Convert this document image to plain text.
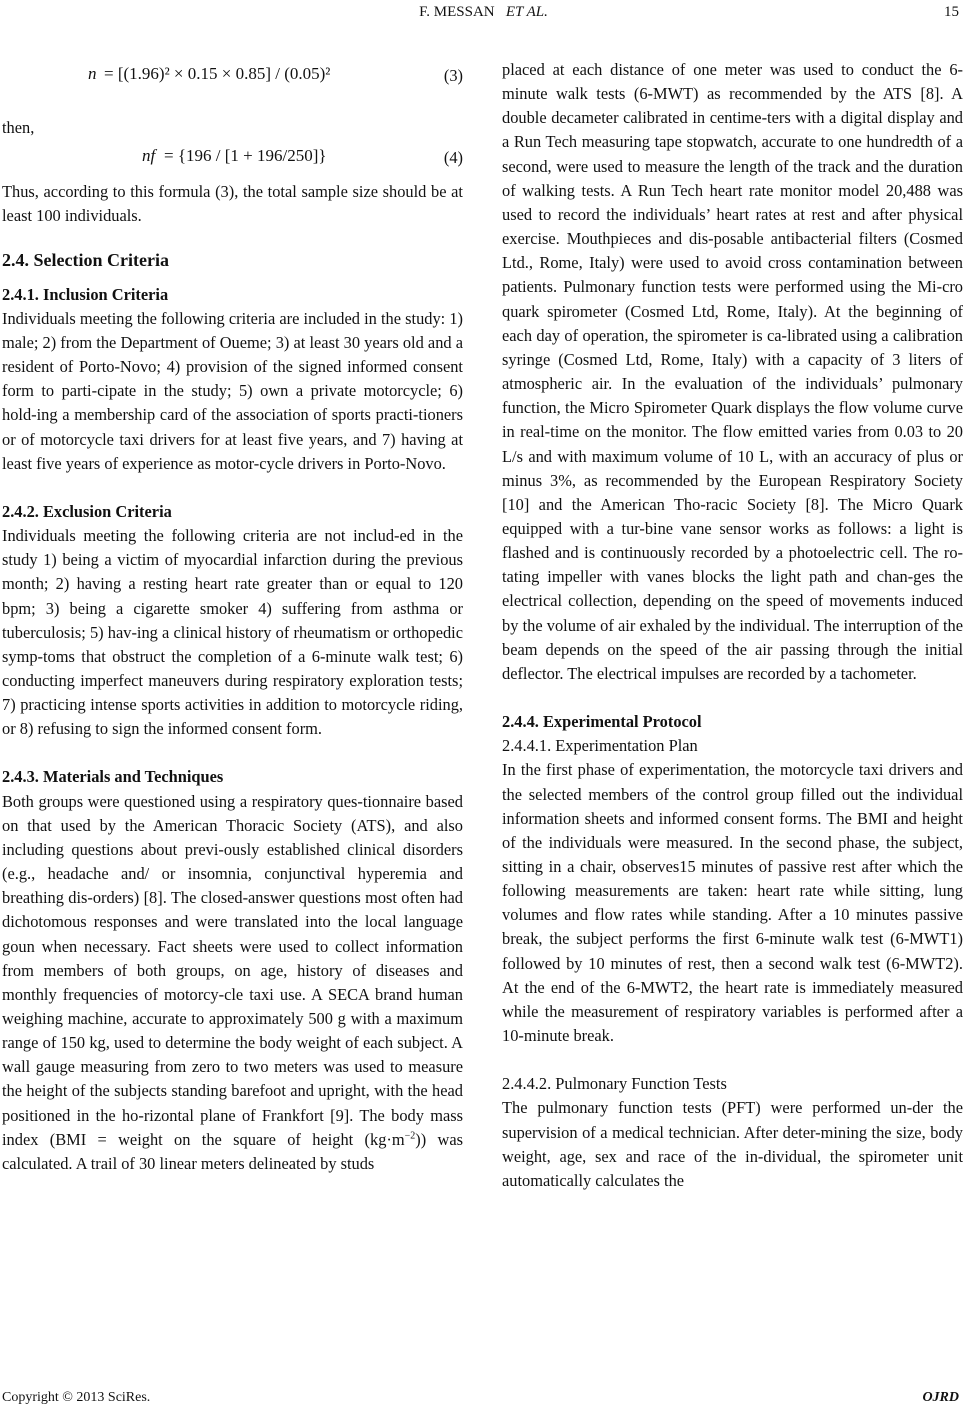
F. MESSAN ET AL.	15
n = [(1.96)² × 0.15 × 0.85] / (0.05)²	(3)

then,

nf = {196 / [1 + 196/250]}	(4)

Thus, according to this formula (3), the total sample size should be at least 100 individuals.

2.4. Selection Criteria

2.4.1. Inclusion Criteria

Individuals meeting the following criteria are included in the study: 1) male; 2) from the Department of Oueme; 3) at least 30 years old and a resident of Porto-Novo; 4) provision of the signed informed consent form to parti-cipate in the study; 5) own a private motorcycle; 6) hold-ing a membership card of the association of sports practi-tioners or of motorcycle taxi drivers for at least five years, and 7) having at least five years of experience as motor-cycle drivers in Porto-Novo.

2.4.2. Exclusion Criteria

Individuals meeting the following criteria are not includ-ed in the study 1) being a victim of myocardial infarction during the previous month; 2) having a resting heart rate greater than or equal to 120 bpm; 3) being a cigarette smoker 4) suffering from asthma or tuberculosis; 5) hav-ing a clinical history of rheumatism or orthopedic symp-toms that obstruct the completion of a 6-minute walk test; 6) conducting imperfect maneuvers during respiratory exploration tests; 7) practicing intense sports activities in addition to motorcycle riding, or 8) refusing to sign the informed consent form.

2.4.3. Materials and Techniques

Both groups were questioned using a respiratory ques-tionnaire based on that used by the American Thoracic Society (ATS), and also including questions about previ-ously established clinical disorders (e.g., headache and/ or insomnia, conjunctival hyperemia and breathing dis-orders) [8]. The closed-answer questions most often had dichotomous responses and were translated into the local language goun when necessary. Fact sheets were used to collect information from members of both groups, on age, history of diseases and monthly frequencies of motorcy-cle taxi use. A SECA brand human weighing machine, accurate to approximately 500 g with a maximum range of 150 kg, used to determine the body weight of each subject. A wall gauge measuring from zero to two meters was used to measure the height of the subjects standing barefoot and upright, with the head positioned in the ho-rizontal plane of Frankfort [9]. The body mass index (BMI = weight on the square of height $(kg\cdot m^{-2})$) was calculated. A trail of 30 linear meters delineated by studs

placed at each distance of one meter was used to conduct the 6-minute walk tests (6-MWT) as recommended by the ATS [8]. A double decameter calibrated in centime-ters with a digital display and a Run Tech measuring tape stopwatch, accurate to one hundredth of a second, were used to measure the length of the track and the duration of walking tests. A Run Tech heart rate monitor model 20,488 was used to record the individuals’ heart rates at rest and after physical exercise. Mouthpieces and dis-posable antibacterial filters (Cosmed Ltd., Rome, Italy) were used to avoid cross contamination between patients. Pulmonary function tests were performed using the Mi-cro quark spirometer (Cosmed Ltd, Rome, Italy). At the beginning of each day of operation, the spirometer is ca-librated using a calibration syringe (Cosmed Ltd, Rome, Italy) with a capacity of 3 liters of atmospheric air. In the evaluation of the individuals’ pulmonary function, the Micro Spirometer Quark displays the flow volume curve in real-time on the monitor. The flow emitted varies from 0.03 to 20 L/s and with maximum volume of 10 L, with an accuracy of plus or minus 3%, as recommended by the European Respiratory Society [10] and the American Tho-racic Society [8]. The Micro Quark equipped with a tur-bine vane sensor works as follows: a light is flashed and is continuously recorded by a photoelectric cell. The ro-tating impeller with vanes blocks the light path and chan-ges the electrical collection, depending on the speed of movements induced by the volume of air exhaled by the individual. The interruption of the beam depends on the speed of the air passing through the initial deflector. The electrical impulses are recorded by a tachometer.

2.4.4. Experimental Protocol

2.4.4.1. Experimentation Plan

In the first phase of experimentation, the motorcycle taxi drivers and the selected members of the control group filled out the individual information sheets and informed consent forms. The BMI and height of the individuals were measured. In the second phase, the subject, sitting in a chair, observes15 minutes of passive rest after which the following measurements are taken: heart rate while sitting, lung volumes and flow rates while standing. After a 10 minutes passive break, the subject performs the first 6-minute walk test (6-MWT1) followed by 10 minutes of rest, then a second walk test (6-MWT2). At the end of the 6-MWT2, the heart rate is immediately measured while the measurement of respiratory variables is performed after a 10-minute break.

2.4.4.2. Pulmonary Function Tests

The pulmonary function tests (PFT) were performed un-der the supervision of a medical technician. After deter-mining the size, body weight, age, sex and race of the in-dividual, the spirometer unit automatically calculates the

Copyright © 2013 SciRes.	OJRD
